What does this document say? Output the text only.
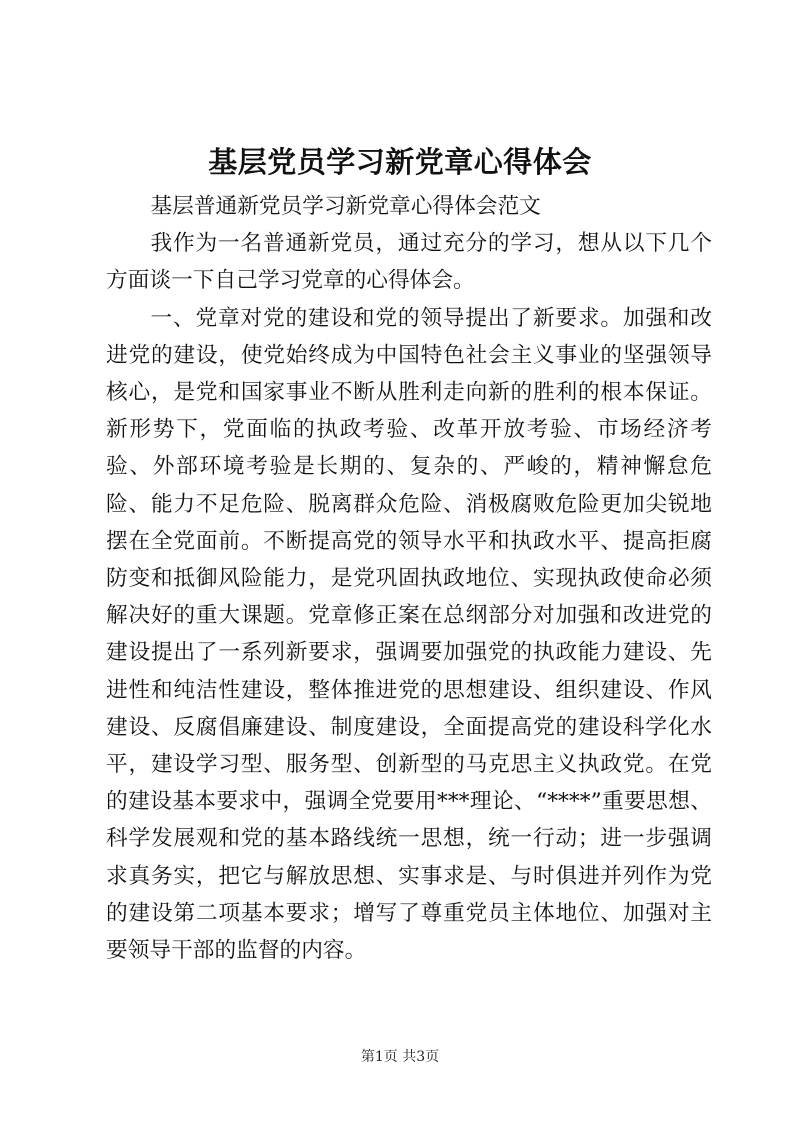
基层党员学习新党章心得体会

基层普通新党员学习新党章心得体会范文

我作为一名普通新党员，通过充分的学习，想从以下几个方面谈一下自己学习党章的心得体会。

一、党章对党的建设和党的领导提出了新要求。加强和改进党的建设，使党始终成为中国特色社会主义事业的坚强领导核心，是党和国家事业不断从胜利走向新的胜利的根本保证。新形势下，党面临的执政考验、改革开放考验、市场经济考验、外部环境考验是长期的、复杂的、严峻的，精神懈怠危险、能力不足危险、脱离群众危险、消极腐败危险更加尖锐地摆在全党面前。不断提高党的领导水平和执政水平、提高拒腐防变和抵御风险能力，是党巩固执政地位、实现执政使命必须解决好的重大课题。党章修正案在总纲部分对加强和改进党的建设提出了一系列新要求，强调要加强党的执政能力建设、先进性和纯洁性建设，整体推进党的思想建设、组织建设、作风建设、反腐倡廉建设、制度建设，全面提高党的建设科学化水平，建设学习型、服务型、创新型的马克思主义执政党。在党的建设基本要求中，强调全党要用***理论、“****”重要思想、科学发展观和党的基本路线统一思想，统一行动；进一步强调求真务实，把它与解放思想、实事求是、与时俱进并列作为党的建设第二项基本要求；增写了尊重党员主体地位、加强对主要领导干部的监督的内容。

第1页 共3页
